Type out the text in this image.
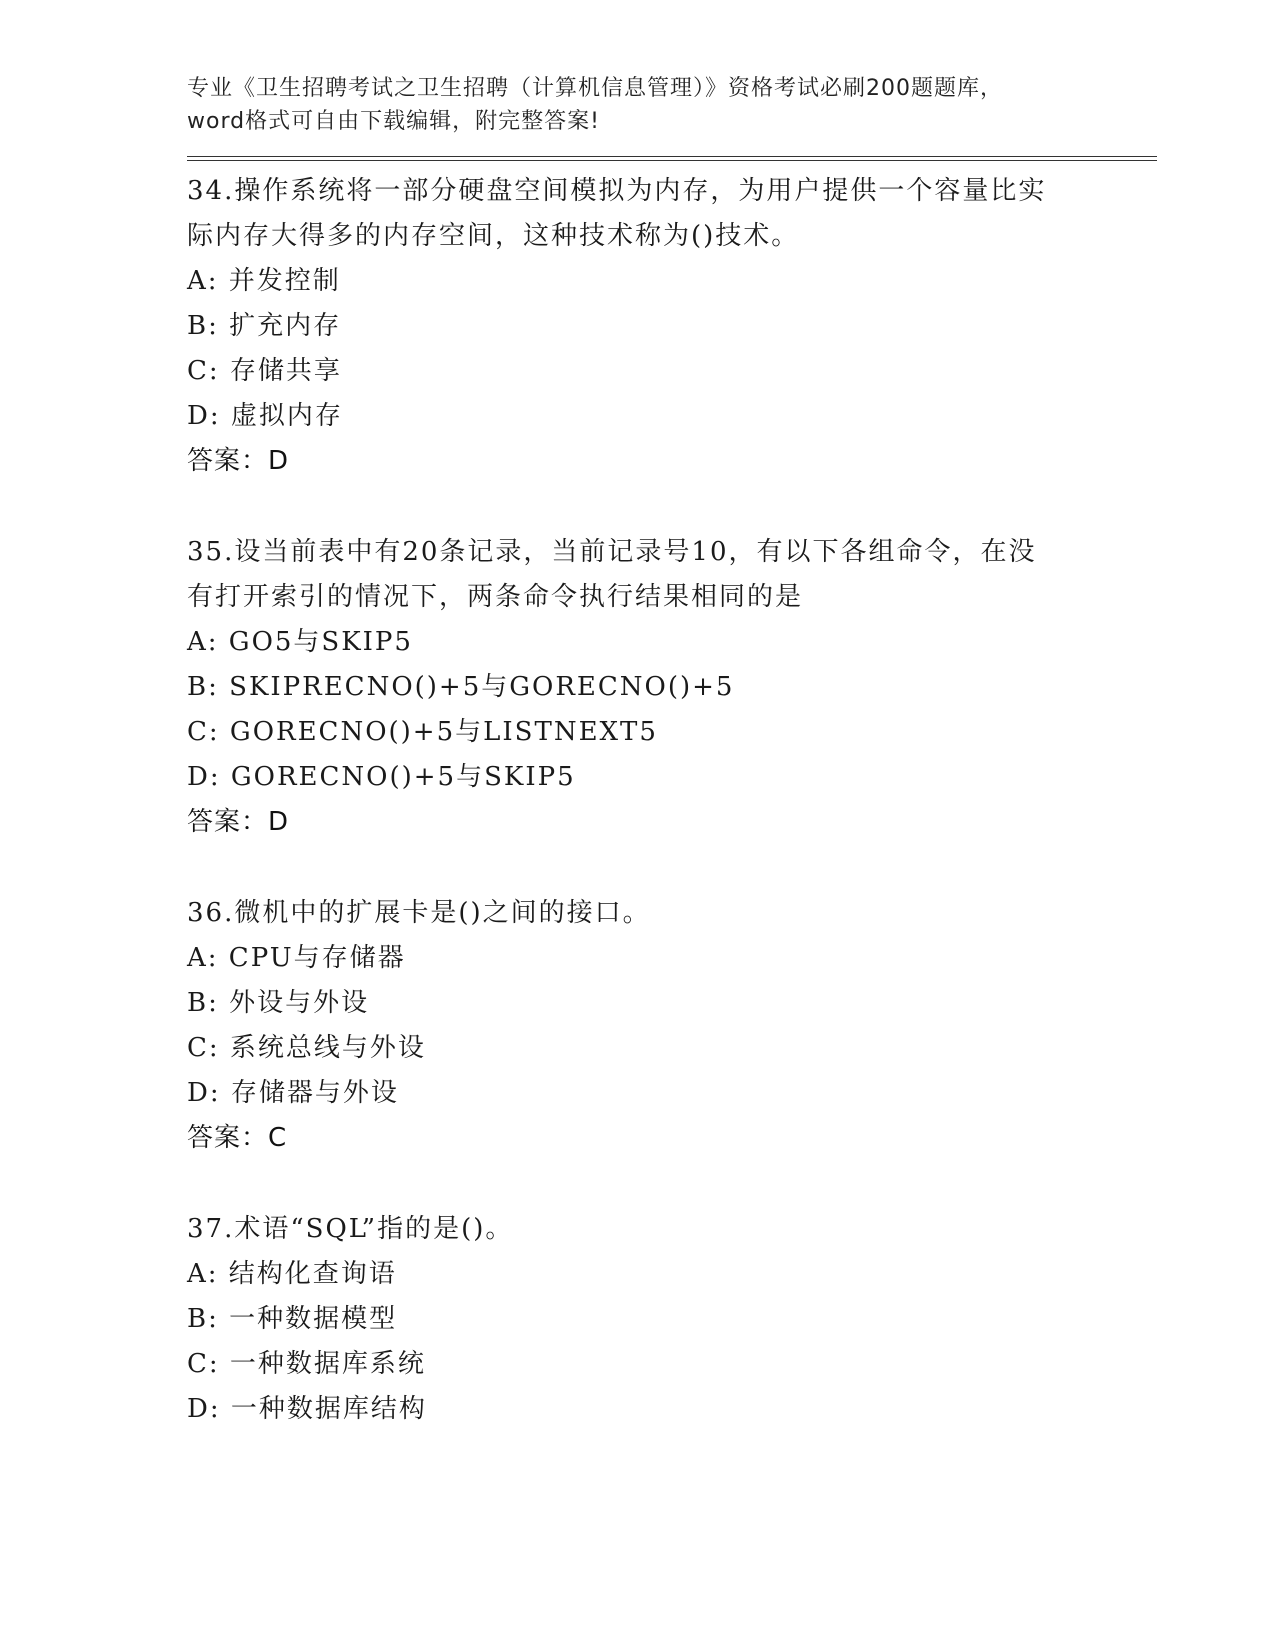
专业《卫生招聘考试之卫生招聘（计算机信息管理）》资格考试必刷200题题库，
word格式可自由下载编辑，附完整答案!
34.操作系统将一部分硬盘空间模拟为内存，为用户提供一个容量比实
际内存大得多的内存空间，这种技术称为()技术。
A: 并发控制
B: 扩充内存
C: 存储共享
D: 虚拟内存
答案：D
35.设当前表中有20条记录，当前记录号10，有以下各组命令，在没
有打开索引的情况下，两条命令执行结果相同的是
A: GO5与SKIP5
B: SKIPRECNO()+5与GORECNO()+5
C: GORECNO()+5与LISTNEXT5
D: GORECNO()+5与SKIP5
答案：D
36.微机中的扩展卡是()之间的接口。
A: CPU与存储器
B: 外设与外设
C: 系统总线与外设
D: 存储器与外设
答案：C
37.术语“SQL”指的是()。
A: 结构化查询语
B: 一种数据模型
C: 一种数据库系统
D: 一种数据库结构
